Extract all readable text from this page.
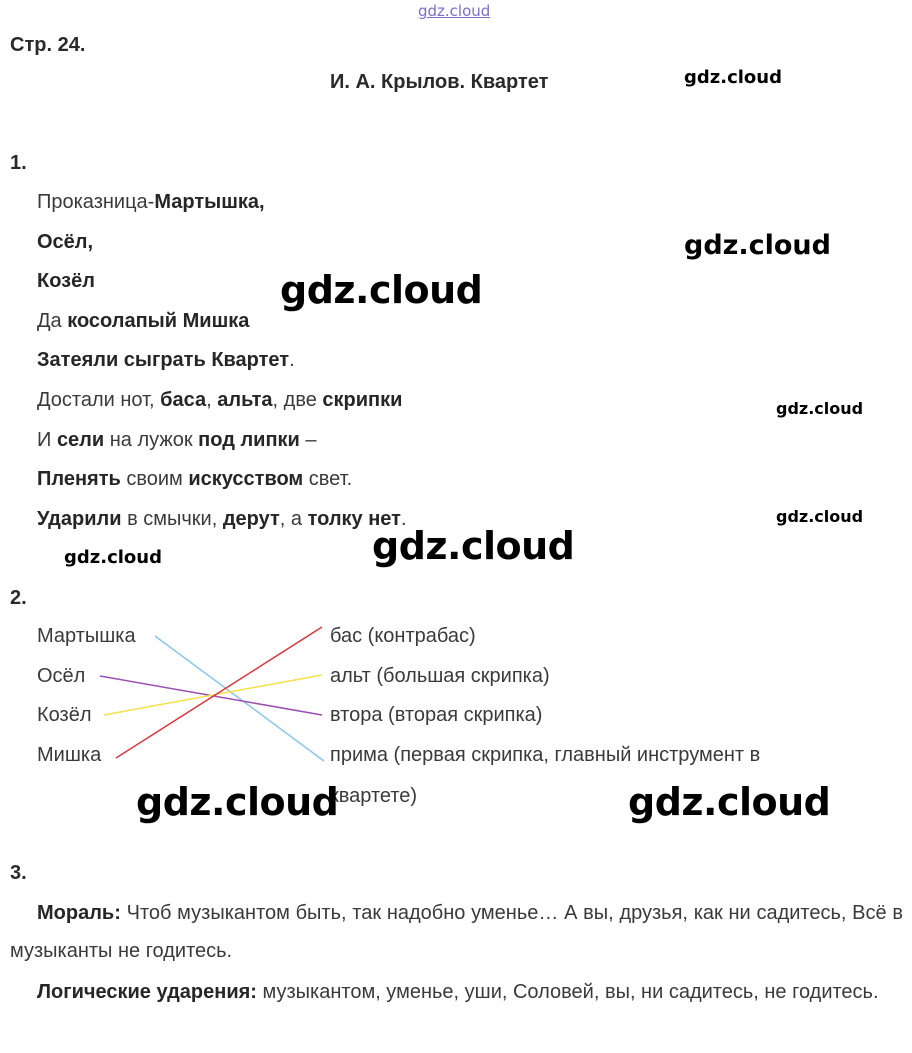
gdz.cloud
Стр. 24.
И. А. Крылов. Квартет
1.
Проказница-Мартышка,
Осёл,
Козёл
Да косолапый Мишка
Затеяли сыграть Квартет.
Достали нот, баса, альта, две скрипки
И сели на лужок под липки –
Пленять своим искусством свет.
Ударили в смычки, дерут, а толку нет.
2.
Мартышка
Осёл
Козёл
Мишка
бас (контрабас)
альт (большая скрипка)
втора (вторая скрипка)
прима (первая скрипка, главный инструмент в
квартете)
3.
Мораль: Чтоб музыкантом быть, так надобно уменье… А вы, друзья, как ни садитесь, Всё в музыканты не годитесь.
Логические ударения: музыкантом, уменье, уши, Соловей, вы, ни садитесь, не годитесь.
gdz.cloud
gdz.cloud
gdz.cloud
gdz.cloud
gdz.cloud
gdz.cloud
gdz.cloud
gdz.cloud	gdz.cloud
